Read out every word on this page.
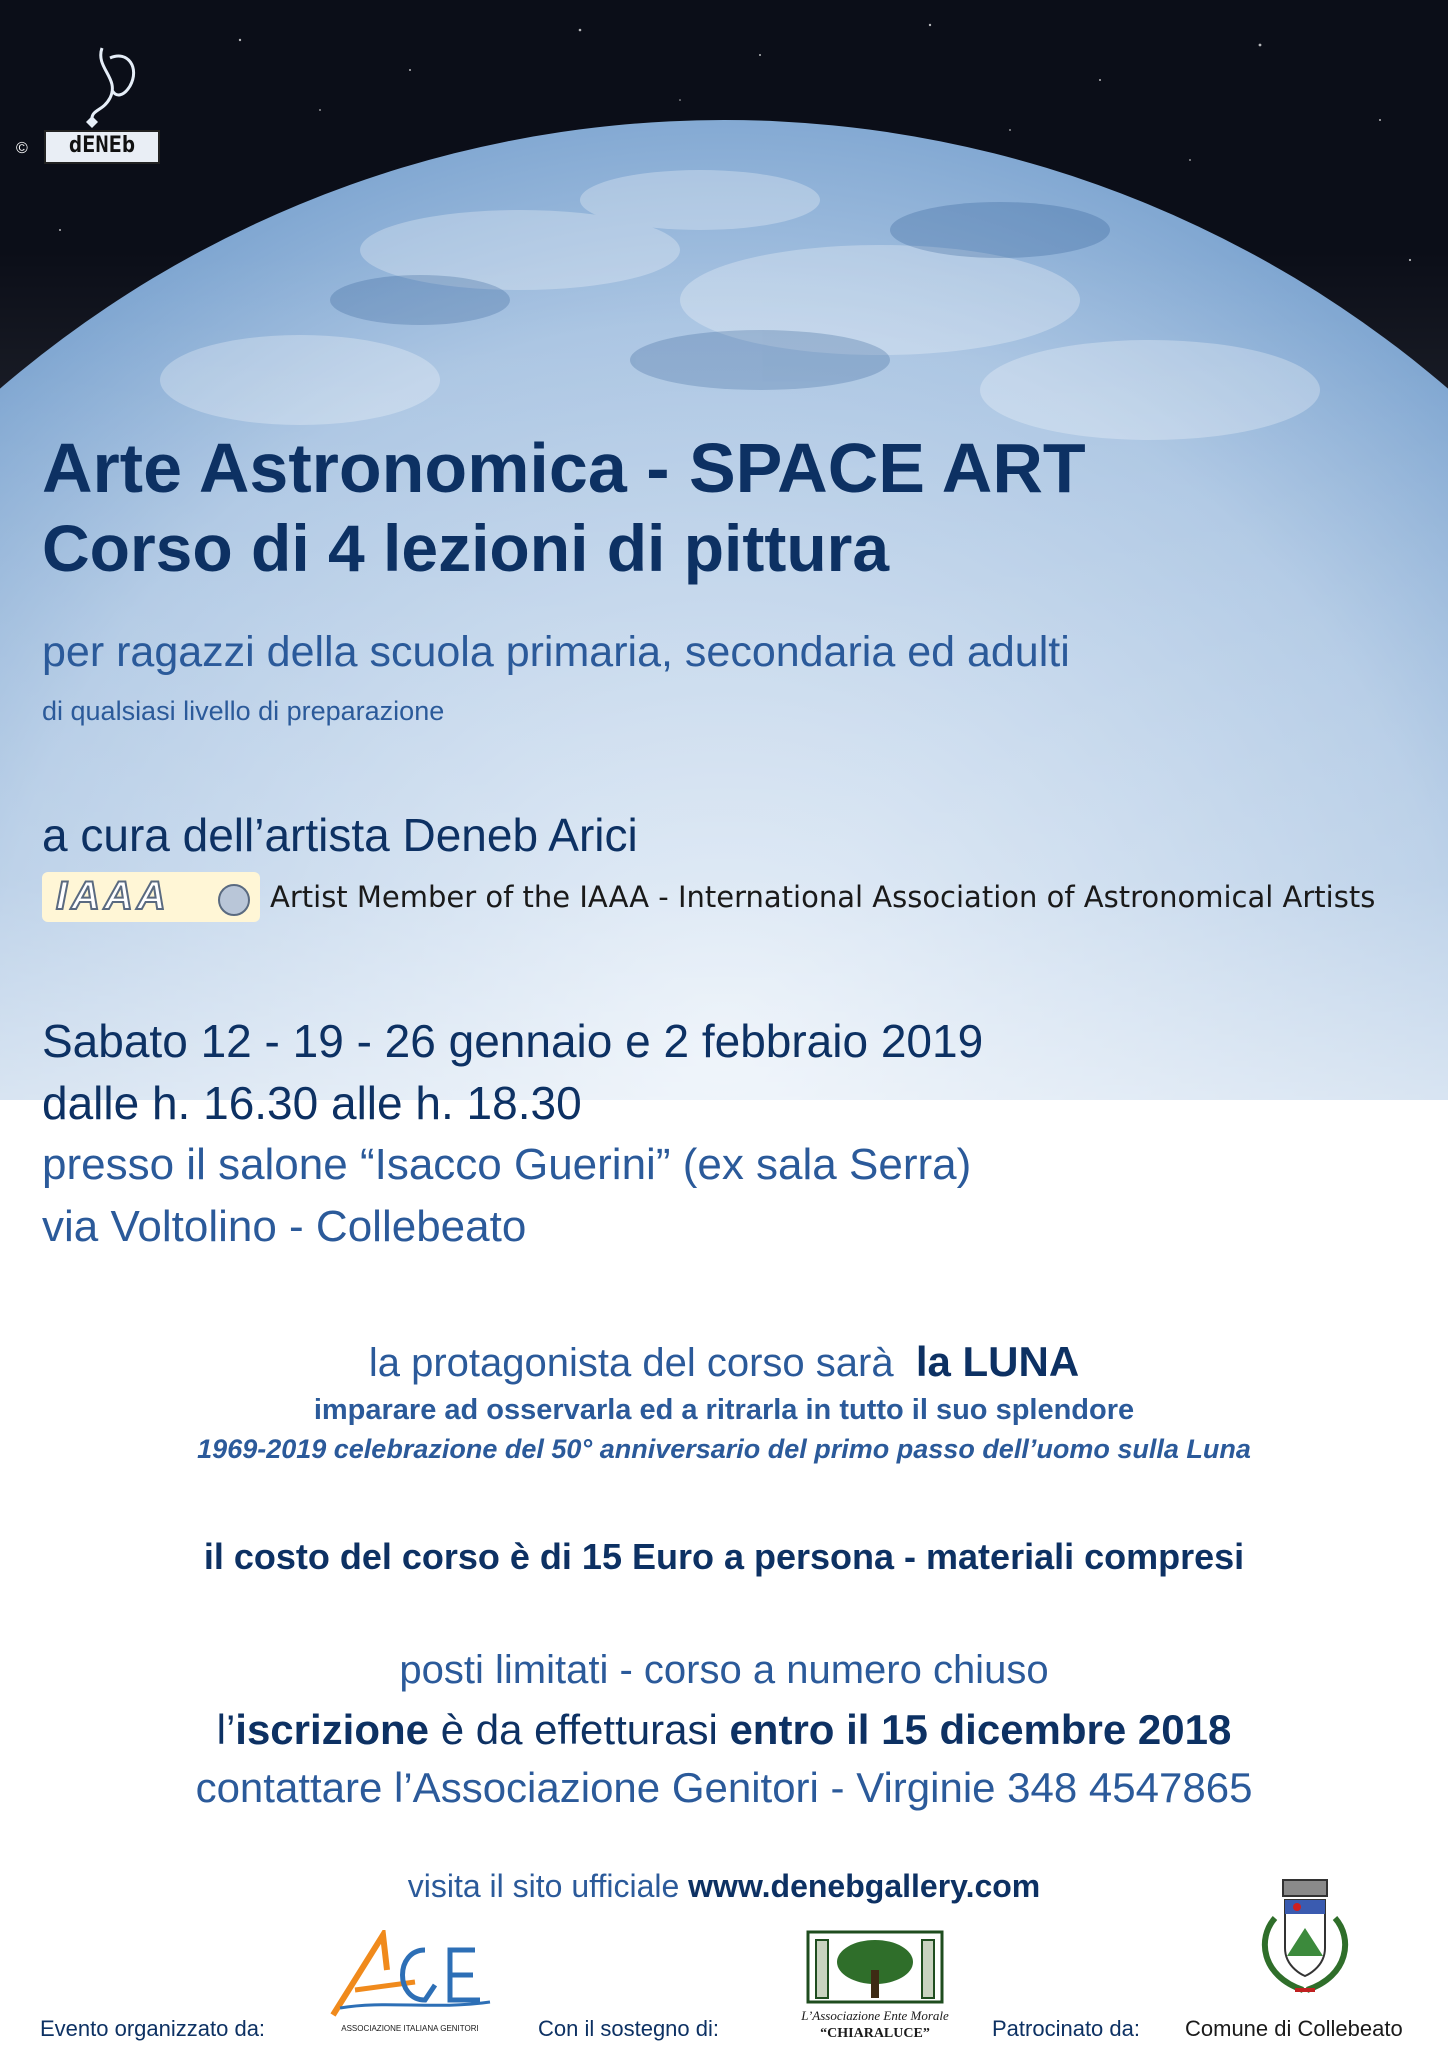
©	dENEb
Arte Astronomica - SPACE ART
Corso di 4 lezioni di pittura
per ragazzi della scuola primaria, secondaria ed adulti
di qualsiasi livello di preparazione
a cura dell’artista Deneb Arici
IAAA	Artist Member of the IAAA - International Association of Astronomical Artists
Sabato 12 - 19 - 26 gennaio e 2 febbraio 2019
dalle h. 16.30 alle h. 18.30
presso il salone “Isacco Guerini” (ex sala Serra)
via Voltolino - Collebeato
la protagonista del corso sarà la LUNA
imparare ad osservarla ed a ritrarla in tutto il suo splendore
1969-2019 celebrazione del 50° anniversario del primo passo dell’uomo sulla Luna
il costo del corso è di 15 Euro a persona - materiali compresi
posti limitati - corso a numero chiuso
l’iscrizione è da effetturasi entro il 15 dicembre 2018
contattare l’Associazione Genitori - Virginie 348 4547865
visita il sito ufficiale www.denebgallery.com
Evento organizzato da:	ASSOCIAZIONE ITALIANA GENITORI	Con il sostegno di:
L’Associazione Ente Morale
“CHIARALUCE”	Patrocinato da: Comune di Collebeato
